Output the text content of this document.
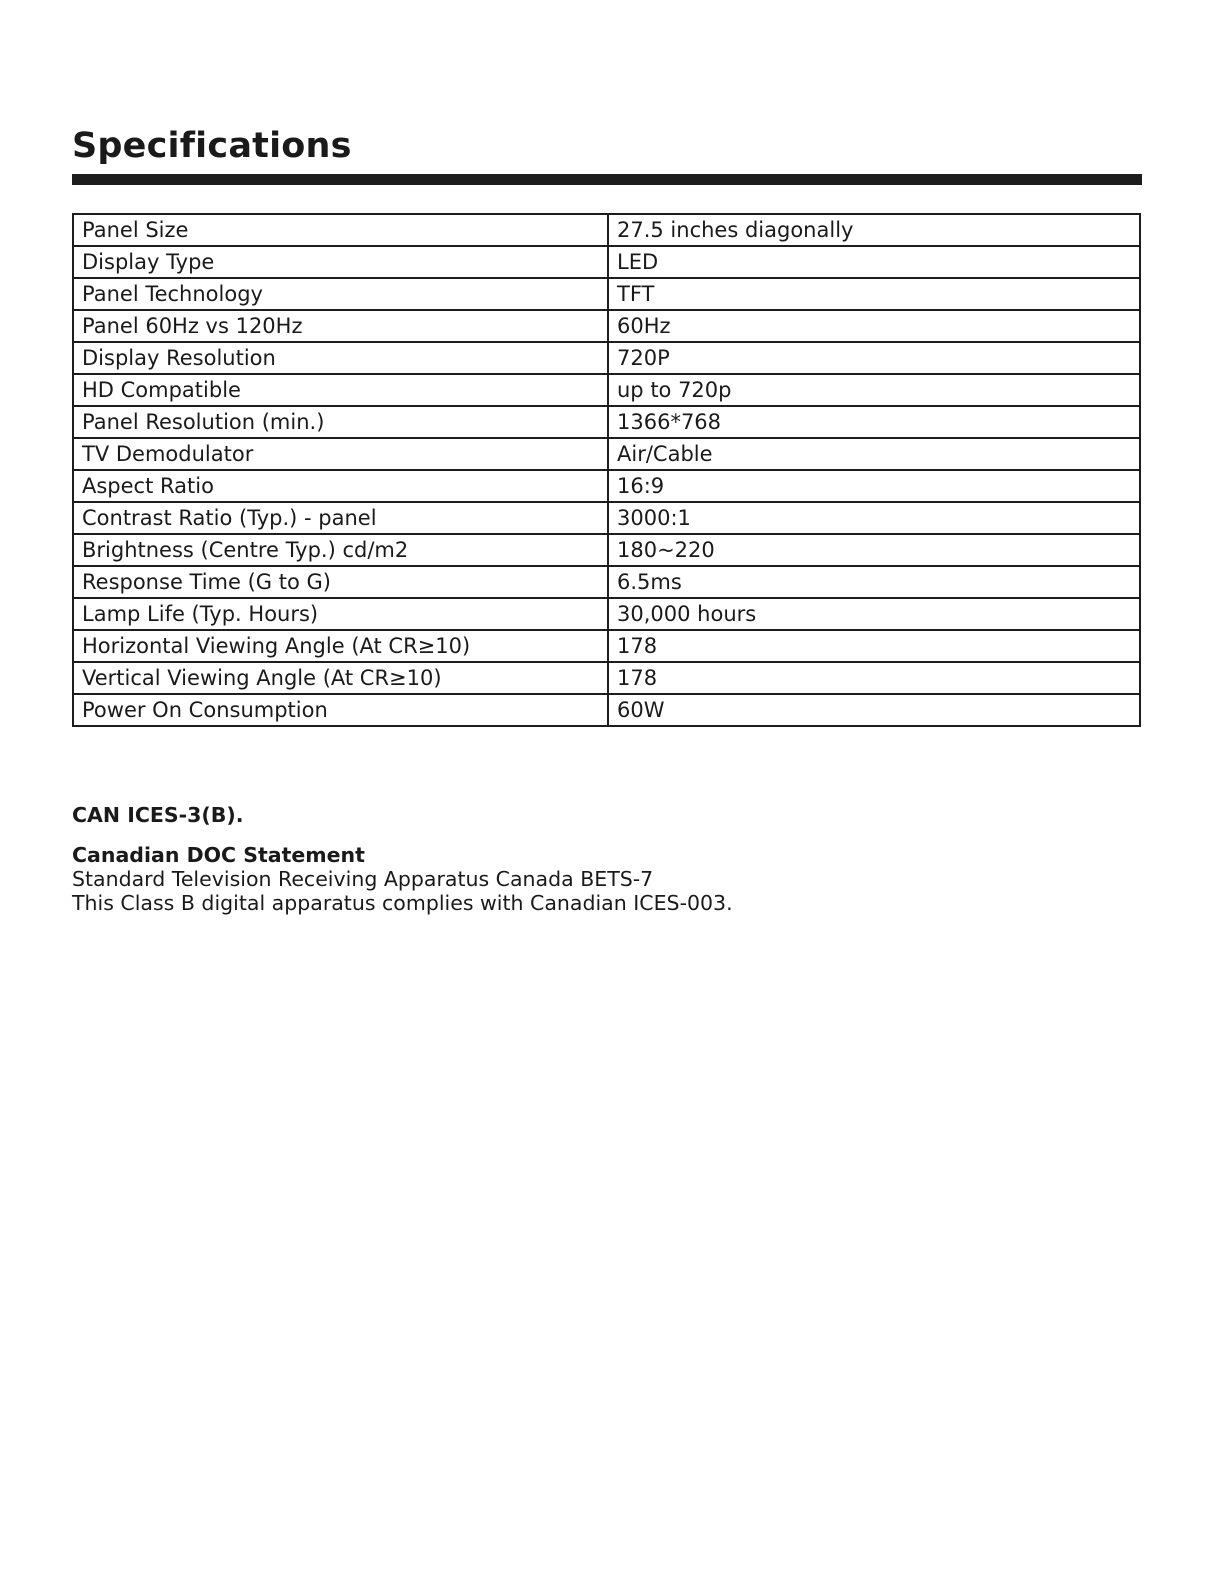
Specifications
Panel Size	27.5 inches diagonally
Display Type	LED
Panel Technology	TFT
Panel 60Hz vs 120Hz	60Hz
Display Resolution	720P
HD Compatible	up to 720p
Panel Resolution (min.)	1366*768
TV Demodulator	Air/Cable
Aspect Ratio	16:9
Contrast Ratio (Typ.) - panel	3000:1
Brightness (Centre Typ.) cd/m2	180~220
Response Time (G to G)	6.5ms
Lamp Life (Typ. Hours)	30,000 hours
Horizontal Viewing Angle (At CR≥10)	178
Vertical Viewing Angle (At CR≥10)	178
Power On Consumption	60W

CAN ICES-3(B).

Canadian DOC Statement

Standard Television Receiving Apparatus Canada BETS-7

This Class B digital apparatus complies with Canadian ICES-003.
